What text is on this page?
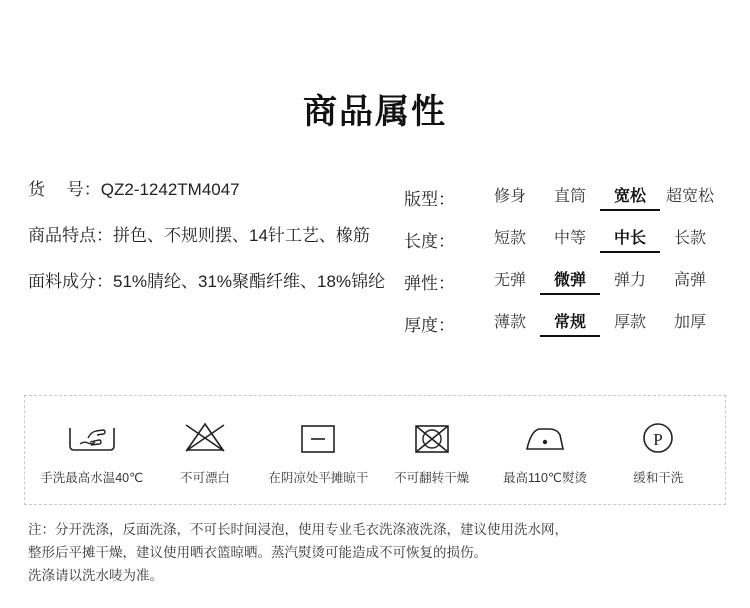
商品属性
货　 号： QZ2-1242TM4047
商品特点： 拼色、不规则摆、14针工艺、橡筋
面料成分： 51%腈纶、31%聚酯纤维、18%锦纶
版型：	修身	直筒	宽松	超宽松
长度：	短款	中等	中长	长款
弹性：	无弹	微弹	弹力	高弹
厚度：	薄款	常规	厚款	加厚
手洗最高水温40℃	不可漂白	在阴凉处平摊晾干 不可翻转干燥	最高110℃熨烫
P
缓和干洗
注：分开洗涤，反面洗涤，不可长时间浸泡，使用专业毛衣洗涤液洗涤，建议使用洗水网，
整形后平摊干燥，建议使用晒衣篮晾晒。蒸汽熨烫可能造成不可恢复的损伤。
洗涤请以洗水唛为准。
